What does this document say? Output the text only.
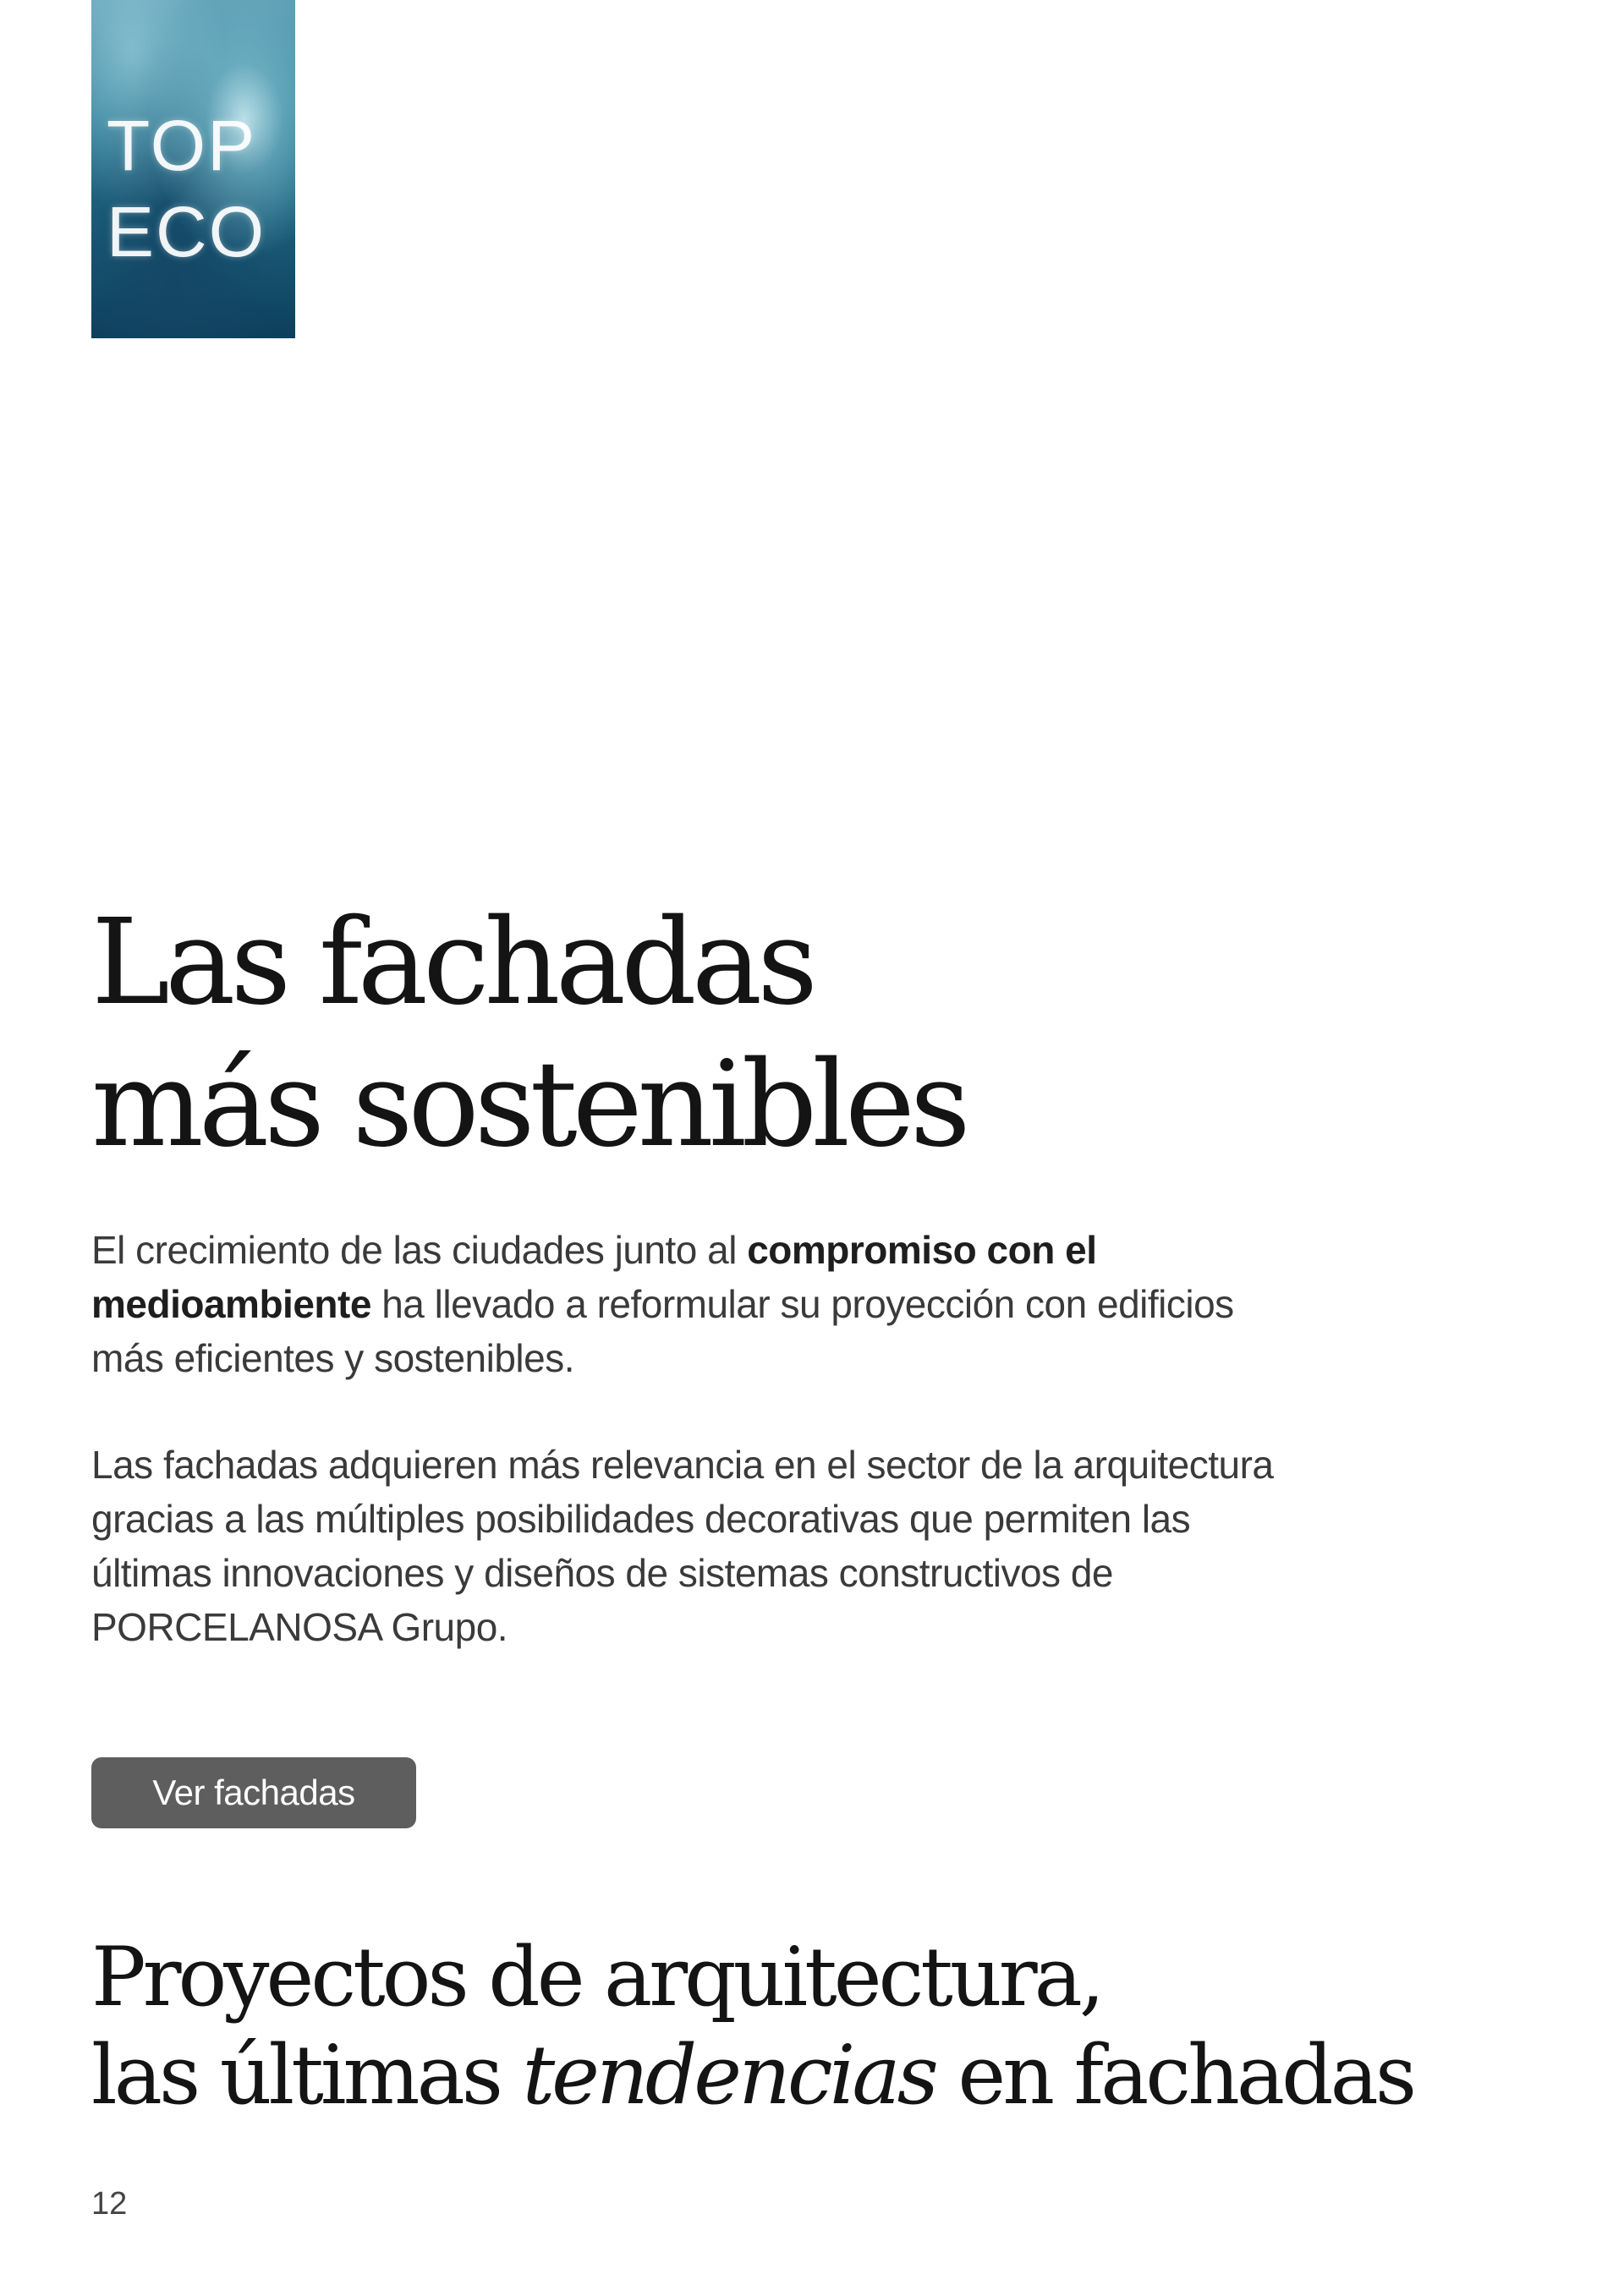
TOP
ECO
Las fachadas
más sostenibles

El crecimiento de las ciudades junto al compromiso con el
medioambiente ha llevado a reformular su proyección con edificios más eficientes y sostenibles.

Las fachadas adquieren más relevancia en el sector de la arquitectura gracias a las múltiples posibilidades decorativas que permiten las últimas innovaciones y diseños de sistemas constructivos de PORCELANOSA Grupo.

Ver fachadas
Proyectos de arquitectura,
las últimas tendencias en fachadas
12
